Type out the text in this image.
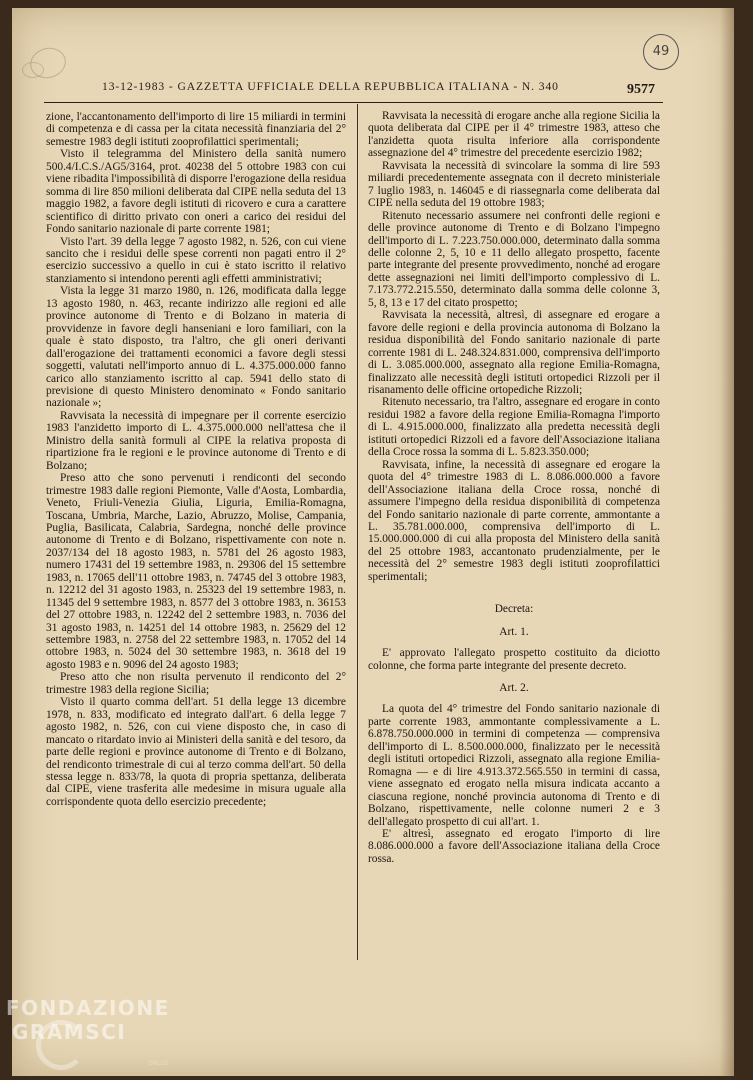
49
13-12-1983 - GAZZETTA UFFICIALE DELLA REPUBBLICA ITALIANA - N. 340	9577

zione, l'accantonamento dell'importo di lire 15 miliardi in termini di competenza e di cassa per la citata necessità finanziaria del 2° semestre 1983 degli istituti zooprofilattici sperimentali;

Visto il telegramma del Ministero della sanità numero 500.4/I.C.S./AG5/3164, prot. 40238 del 5 ottobre 1983 con cui viene ribadita l'impossibilità di disporre l'erogazione della residua somma di lire 850 milioni deliberata dal CIPE nella seduta del 13 maggio 1982, a favore degli istituti di ricovero e cura a carattere scientifico di diritto privato con oneri a carico dei residui del Fondo sanitario nazionale di parte corrente 1981;

Visto l'art. 39 della legge 7 agosto 1982, n. 526, con cui viene sancito che i residui delle spese correnti non pagati entro il 2° esercizio successivo a quello in cui è stato iscritto il relativo stanziamento si intendono perenti agli effetti amministrativi;

Vista la legge 31 marzo 1980, n. 126, modificata dalla legge 13 agosto 1980, n. 463, recante indirizzo alle regioni ed alle province autonome di Trento e di Bolzano in materia di provvidenze in favore degli hanseniani e loro familiari, con la quale è stato disposto, tra l'altro, che gli oneri derivanti dall'erogazione dei trattamenti economici a favore degli stessi soggetti, valutati nell'importo annuo di L. 4.375.000.000 fanno carico allo stanziamento iscritto al cap. 5941 dello stato di previsione di questo Ministero denominato « Fondo sanitario nazionale »;

Ravvisata la necessità di impegnare per il corrente esercizio 1983 l'anzidetto importo di L. 4.375.000.000 nell'attesa che il Ministro della sanità formuli al CIPE la relativa proposta di ripartizione fra le regioni e le province autonome di Trento e di Bolzano;

Preso atto che sono pervenuti i rendiconti del secondo trimestre 1983 dalle regioni Piemonte, Valle d'Aosta, Lombardia, Veneto, Friuli-Venezia Giulia, Liguria, Emilia-Romagna, Toscana, Umbria, Marche, Lazio, Abruzzo, Molise, Campania, Puglia, Basilicata, Calabria, Sardegna, nonché delle province autonome di Trento e di Bolzano, rispettivamente con note n. 2037/134 del 18 agosto 1983, n. 5781 del 26 agosto 1983, numero 17431 del 19 settembre 1983, n. 29306 del 15 settembre 1983, n. 17065 dell'11 ottobre 1983, n. 74745 del 3 ottobre 1983, n. 12212 del 31 agosto 1983, n. 25323 del 19 settembre 1983, n. 11345 del 9 settembre 1983, n. 8577 del 3 ottobre 1983, n. 36153 del 27 ottobre 1983, n. 12242 del 2 settembre 1983, n. 7036 del 31 agosto 1983, n. 14251 del 14 ottobre 1983, n. 25629 del 12 settembre 1983, n. 2758 del 22 settembre 1983, n. 17052 del 14 ottobre 1983, n. 5024 del 30 settembre 1983, n. 3618 del 19 agosto 1983 e n. 9096 del 24 agosto 1983;

Preso atto che non risulta pervenuto il rendiconto del 2° trimestre 1983 della regione Sicilia;

Visto il quarto comma dell'art. 51 della legge 13 dicembre 1978, n. 833, modificato ed integrato dall'art. 6 della legge 7 agosto 1982, n. 526, con cui viene disposto che, in caso di mancato o ritardato invio ai Ministeri della sanità e del tesoro, da parte delle regioni e province autonome di Trento e di Bolzano, del rendiconto trimestrale di cui al terzo comma dell'art. 50 della stessa legge n. 833/78, la quota di propria spettanza, deliberata dal CIPE, viene trasferita alle medesime in misura uguale alla corrispondente quota dello esercizio precedente;

Ravvisata la necessità di erogare anche alla regione Sicilia la quota deliberata dal CIPE per il 4° trimestre 1983, atteso che l'anzidetta quota risulta inferiore alla corrispondente assegnazione del 4° trimestre del precedente esercizio 1982;

Ravvisata la necessità di svincolare la somma di lire 593 miliardi precedentemente assegnata con il decreto ministeriale 7 luglio 1983, n. 146045 e di riassegnarla come deliberata dal CIPE nella seduta del 19 ottobre 1983;

Ritenuto necessario assumere nei confronti delle regioni e delle province autonome di Trento e di Bolzano l'impegno dell'importo di L. 7.223.750.000.000, determinato dalla somma delle colonne 2, 5, 10 e 11 dello allegato prospetto, facente parte integrante del presente provvedimento, nonché ad erogare dette assegnazioni nei limiti dell'importo complessivo di L. 7.173.772.215.550, determinato dalla somma delle colonne 3, 5, 8, 13 e 17 del citato prospetto;

Ravvisata la necessità, altresì, di assegnare ed erogare a favore delle regioni e della provincia autonoma di Bolzano la residua disponibilità del Fondo sanitario nazionale di parte corrente 1981 di L. 248.324.831.000, comprensiva dell'importo di L. 3.085.000.000, assegnato alla regione Emilia-Romagna, finalizzato alle necessità degli istituti ortopedici Rizzoli per il risanamento delle officine ortopediche Rizzoli;

Ritenuto necessario, tra l'altro, assegnare ed erogare in conto residui 1982 a favore della regione Emilia-Romagna l'importo di L. 4.915.000.000, finalizzato alla predetta necessità degli istituti ortopedici Rizzoli ed a favore dell'Associazione italiana della Croce rossa la somma di L. 5.823.350.000;

Ravvisata, infine, la necessità di assegnare ed erogare la quota del 4° trimestre 1983 di L. 8.086.000.000 a favore dell'Associazione italiana della Croce rossa, nonché di assumere l'impegno della residua disponibilità di competenza del Fondo sanitario nazionale di parte corrente, ammontante a L. 35.781.000.000, comprensiva dell'importo di L. 15.000.000.000 di cui alla proposta del Ministero della sanità del 25 ottobre 1983, accantonato prudenzialmente, per le necessità del 2° semestre 1983 degli istituti zooprofilattici sperimentali;

Decreta:
Art. 1.

E' approvato l'allegato prospetto costituito da diciotto colonne, che forma parte integrante del presente decreto.

Art. 2.

La quota del 4° trimestre del Fondo sanitario nazionale di parte corrente 1983, ammontante complessivamente a L. 6.878.750.000.000 in termini di competenza — comprensiva dell'importo di L. 8.500.000.000, finalizzato per le necessità degli istituti ortopedici Rizzoli, assegnato alla regione Emilia-Romagna — e di lire 4.913.372.565.550 in termini di cassa, viene assegnato ed erogato nella misura indicata accanto a ciascuna regione, nonché provincia autonoma di Trento e di Bolzano, rispettivamente, nelle colonne numeri 2 e 3 dell'allegato prospetto di cui all'art. 1.

E' altresì, assegnato ed erogato l'importo di lire 8.086.000.000 a favore dell'Associazione italiana della Croce rossa.

FONDAZIONE
GRAMSCI
ONLUS
